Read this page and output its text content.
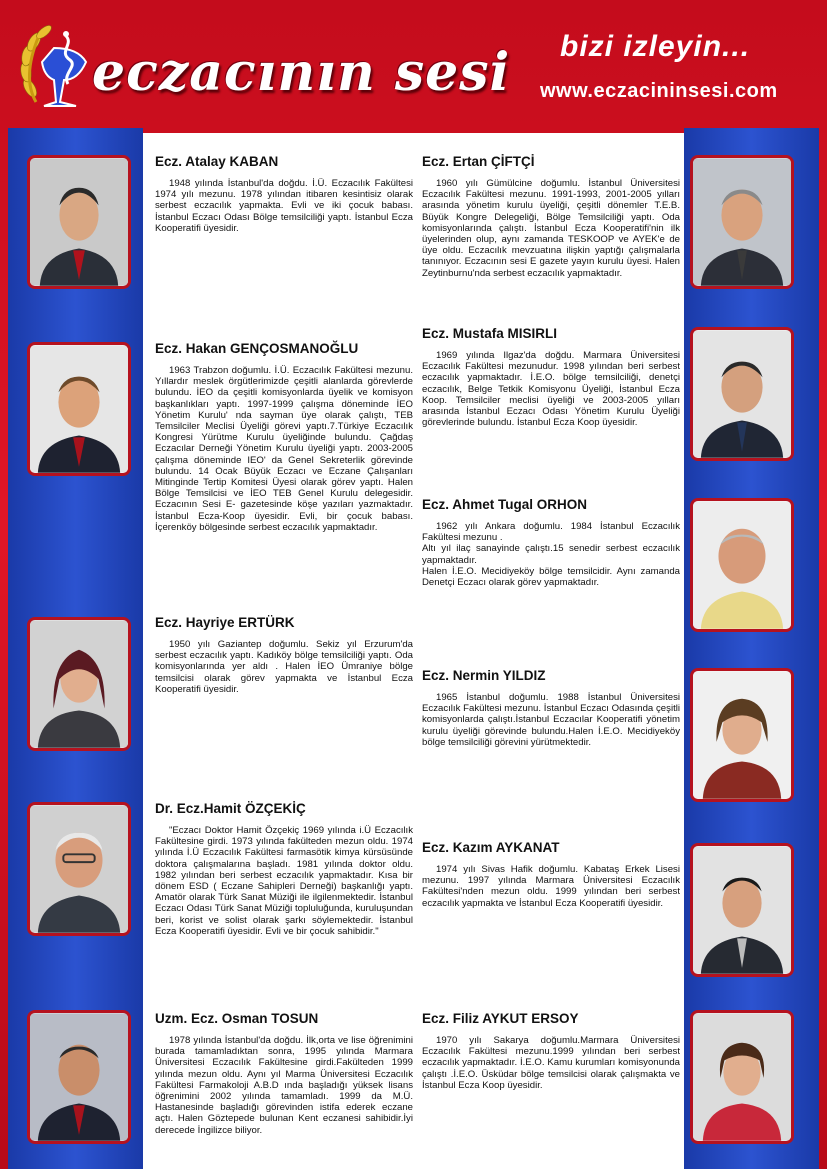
eczacının sesi bizi izleyin...
www.eczacininsesi.com

Ecz. Atalay KABAN

1948 yılında İstanbul'da doğdu. İ.Ü. Eczacılık Fakültesi 1974 yılı mezunu. 1978 yılından itibaren kesintisiz olarak serbest eczacılık yapmakta. Evli ve iki çocuk babası. İstanbul Eczacı Odası Bölge temsilciliği yaptı. İstanbul Ecza Kooperatifi üyesidir.

Ecz. Ertan ÇİFTÇİ

1960 yılı Gümülcine doğumlu. İstanbul Üniversitesi Eczacılık Fakültesi mezunu. 1991-1993, 2001-2005 yılları arasında yönetim kurulu üyeliği, çeşitli dönemler T.E.B. Büyük Kongre Delegeliği, Bölge Temsilciliği yaptı. Oda komisyonlarında çalıştı. İstanbul Ecza Kooperatifi'nin ilk üyelerinden olup, aynı zamanda TESKOOP ve AYEK'e de üye oldu. Eczacılık mevzuatına ilişkin yaptığı çalışmalarla tanınıyor. Eczacının sesi E gazete yayın kurulu üyesi. Halen Zeytinburnu'nda serbest eczacılık yapmaktadır.

Ecz. Hakan GENÇOSMANOĞLU

1963 Trabzon doğumlu. İ.Ü. Eczacılık Fakültesi mezunu. Yıllardır meslek örgütlerimizde çeşitli alanlarda görevlerde bulundu. İEO da çeşitli komisyonlarda üyelik ve komisyon başkanlıkları yaptı. 1997-1999 çalışma döneminde İEO Yönetim Kurulu' nda sayman üye olarak çalıştı, TEB Temsilciler Meclisi Üyeliği görevi yaptı.7.Türkiye Eczacılık Kongresi Yürütme Kurulu üyeliğinde bulundu. Çağdaş Eczacılar Derneği Yönetim Kurulu üyeliği yaptı. 2003-2005 çalışma döneminde IEO' da Genel Sekreterlik görevinde bulundu. 14 Ocak Büyük Eczacı ve Eczane Çalışanları Mitinginde Tertip Komitesi Üyesi olarak görev yaptı. Halen Bölge Temsilcisi ve İEO TEB Genel Kurulu delegesidir. Eczacının Sesi E- gazetesinde köşe yazıları yazmaktadır. İstanbul Ecza-Koop üyesidir. Evli, bir çocuk babası. İçerenköy bölgesinde serbest eczacılık yapmaktadır.

Ecz. Mustafa MISIRLI

1969 yılında Ilgaz'da doğdu. Marmara Üniversitesi Eczacılık Fakültesi mezunudur. 1998 yılından beri serbest eczacılık yapmaktadır. İ.E.O. bölge temsilciliği, denetçi eczacılık, Belge Tetkik Komisyonu Üyeliği, İstanbul Ecza Koop. Temsilciler meclisi üyeliği ve 2003-2005 yılları arasında İstanbul Eczacı Odası Yönetim Kurulu Üyeliği görevlerinde bulundu. İstanbul Ecza Koop üyesidir.

Ecz. Ahmet Tugal ORHON

1962 yılı Ankara doğumlu. 1984 İstanbul Eczacılık Fakültesi mezunu .
Altı yıl ilaç sanayinde çalıştı.15 senedir serbest eczacılık yapmaktadır.
Halen İ.E.O. Mecidiyeköy bölge temsilcidir. Aynı zamanda Denetçi Eczacı olarak görev yapmaktadır.

Ecz. Hayriye ERTÜRK

1950 yılı Gaziantep doğumlu. Sekiz yıl Erzurum'da serbest eczacılık yaptı. Kadıköy bölge temsilciliği yaptı. Oda komisyonlarında yer aldı . Halen İEO Ümraniye bölge temsilcisi olarak görev yapmakta ve İstanbul Ecza Kooperatifi üyesidir.

Ecz. Nermin YILDIZ

1965 İstanbul doğumlu. 1988 İstanbul Üniversitesi Eczacılık Fakültesi mezunu. İstanbul Eczacı Odasında çeşitli komisyonlarda çalıştı.İstanbul Eczacılar Kooperatifi yönetim kurulu üyeliği görevinde bulundu.Halen İ.E.O. Mecidiyeköy bölge temsilciliği görevini yürütmektedir.

Dr. Ecz.Hamit ÖZÇEKİÇ

"Eczacı Doktor Hamit Özçekiç 1969 yılında i.Ü Eczacılık Fakültesine girdi. 1973 yılında fakülteden mezun oldu. 1974 yılında İ.Ü Eczacılık Fakültesi farmasötik kimya kürsüsünde doktora çalışmalarına başladı. 1981 yılında doktor oldu. 1982 yılından beri serbest eczacılık yapmaktadır. Kısa bir dönem ESD ( Eczane Sahipleri Derneği) başkanlığı yaptı. Amatör olarak Türk Sanat Müziği ile ilgilenmektedir. İstanbul Eczacı Odası Türk Sanat Müziği topluluğunda, kuruluşundan beri, korist ve solist olarak şarkı söylemektedir. İstanbul Ecza Kooperatifi üyesidir. Evli ve bir çocuk sahibidir."

Ecz. Kazım AYKANAT

1974 yılı Sivas Hafik doğumlu. Kabataş Erkek Lisesi mezunu. 1997 yılında Marmara Üniversitesi Eczacılık Fakültesi'nden mezun oldu. 1999 yılından beri serbest eczacılık yapmakta ve İstanbul Ecza Kooperatifi üyesidir.

Uzm. Ecz. Osman TOSUN

1978 yılında İstanbul'da doğdu. İlk,orta ve lise öğrenimini burada tamamladıktan sonra, 1995 yılında Marmara Üniversitesi Eczacılık Fakültesine girdi.Fakülteden 1999 yılında mezun oldu. Aynı yıl Marma Üniversitesi Eczacılık Fakültesi Farmakoloji A.B.D ında başladığı yüksek lisans öğrenimini 2002 yılında tamamladı. 1999 da M.Ü. Hastanesinde başladığı görevinden istifa ederek eczane açtı. Halen Göztepede bulunan Kent eczanesi sahibidir.İyi derecede İngilizce biliyor.

Ecz. Filiz AYKUT ERSOY

1970 yılı Sakarya doğumlu.Marmara Üniversitesi Eczacılık Fakültesi mezunu.1999 yılından beri serbest eczacılık yapmaktadır. İ.E.O. Kamu kurumları komisyonunda çalıştı .İ.E.O. Üsküdar bölge temsilcisi olarak çalışmakta ve İstanbul Ecza Koop üyesidir.
